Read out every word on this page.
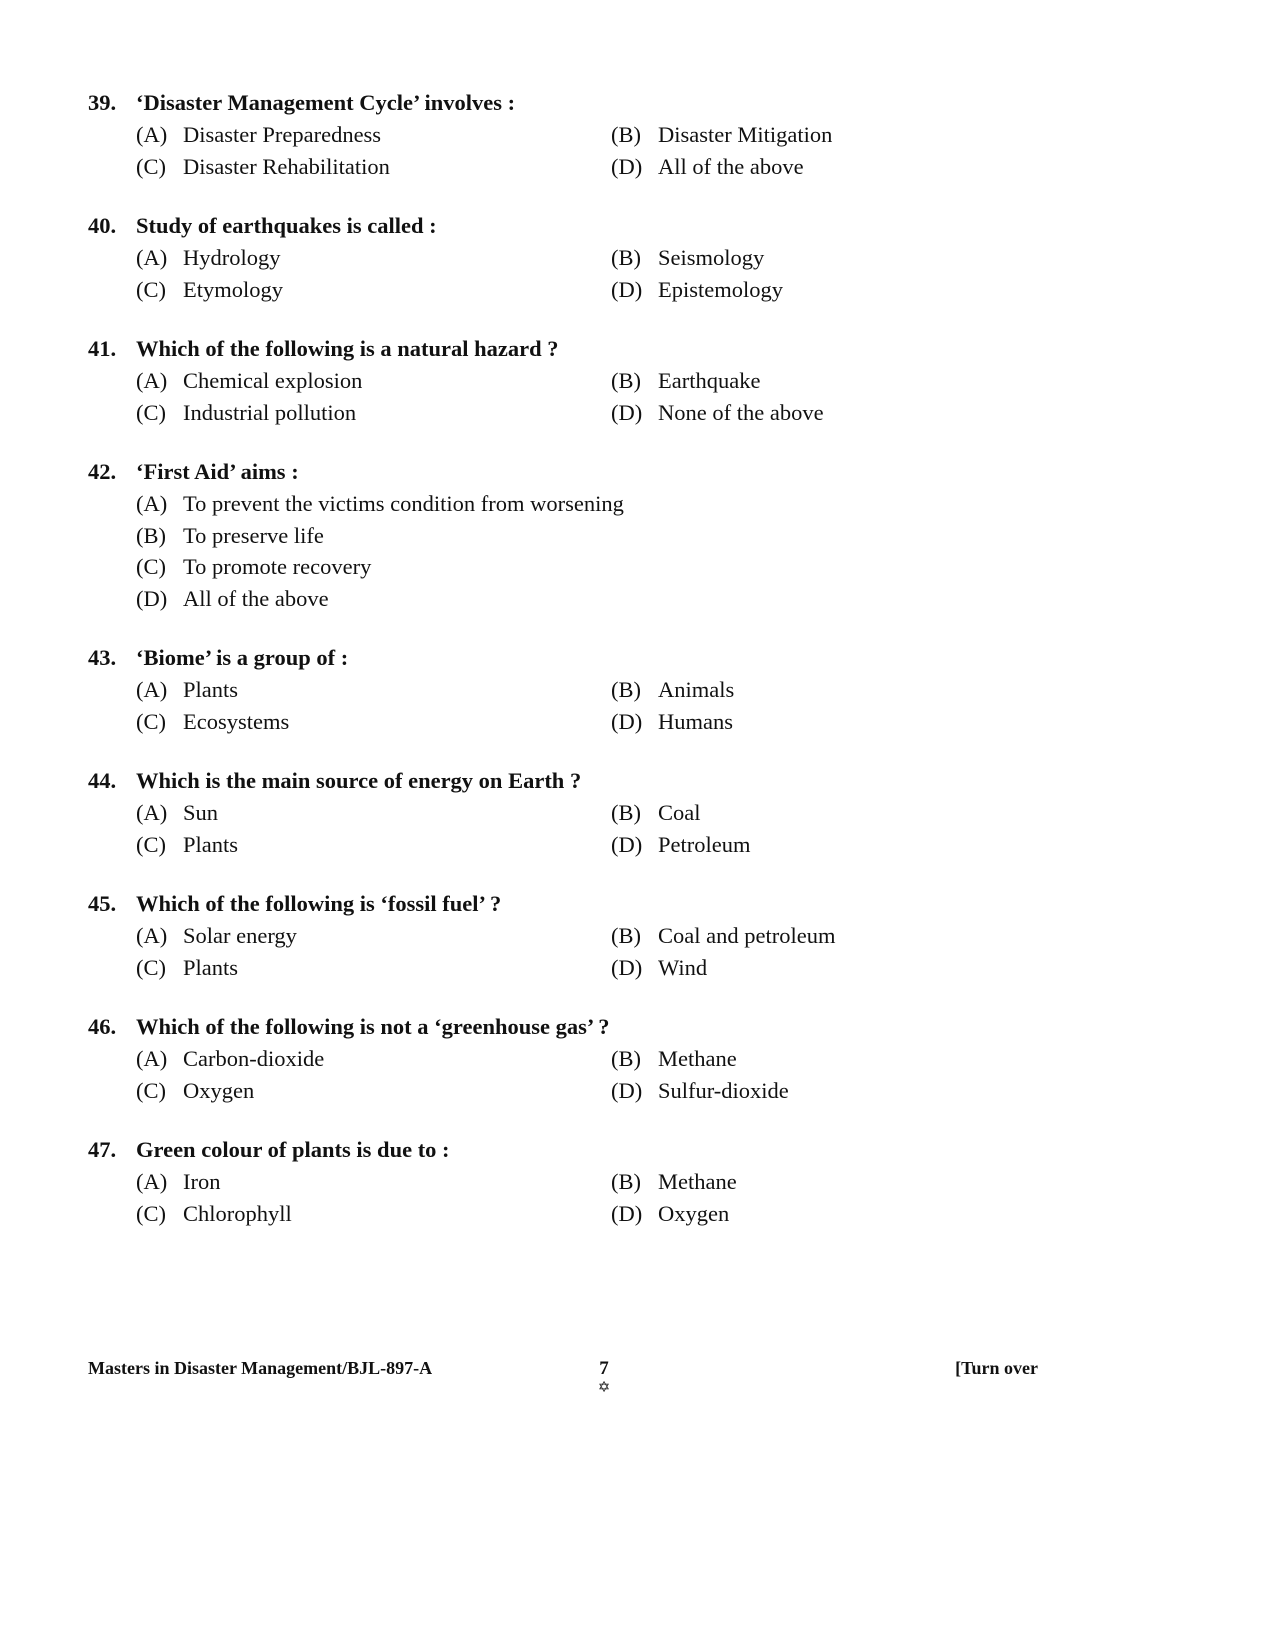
39. ‘Disaster Management Cycle’ involves :
(A) Disaster Preparedness	(B) Disaster Mitigation
(C) Disaster Rehabilitation	(D) All of the above
40. Study of earthquakes is called :
(A) Hydrology	(B) Seismology
(C) Etymology	(D) Epistemology
41. Which of the following is a natural hazard ?
(A) Chemical explosion	(B) Earthquake
(C) Industrial pollution	(D) None of the above
42. ‘First Aid’ aims :
(A) To prevent the victims condition from worsening
(B) To preserve life
(C) To promote recovery
(D) All of the above
43. ‘Biome’ is a group of :
(A) Plants	(B) Animals
(C) Ecosystems	(D) Humans
44. Which is the main source of energy on Earth ?
(A) Sun	(B) Coal
(C) Plants	(D) Petroleum
45. Which of the following is ‘fossil fuel’ ?
(A) Solar energy	(B) Coal and petroleum
(C) Plants	(D) Wind
46. Which of the following is not a ‘greenhouse gas’ ?
(A) Carbon-dioxide	(B) Methane
(C) Oxygen	(D) Sulfur-dioxide
47. Green colour of plants is due to :
(A) Iron	(B) Methane
(C) Chlorophyll	(D) Oxygen
Masters in Disaster Management/BJL-897-A	7
✡
[Turn over
